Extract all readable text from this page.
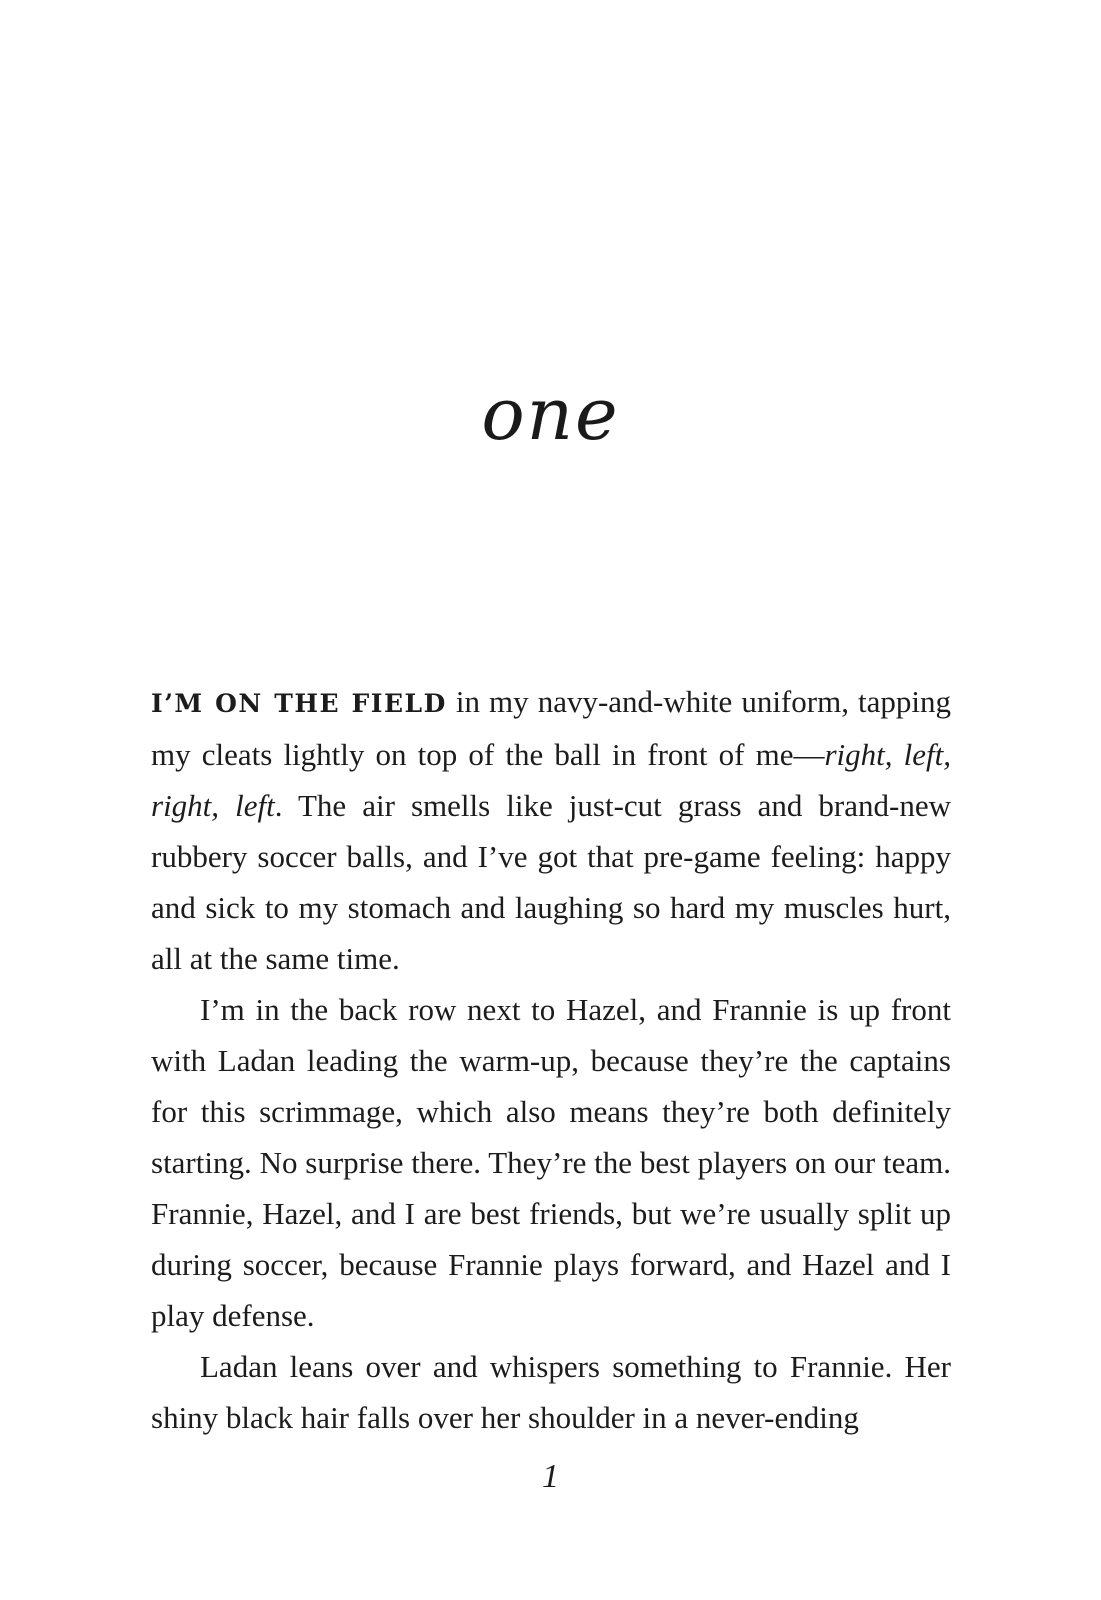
one

I’M ON THE FIELD in my navy-and-white uniform, tapping my cleats lightly on top of the ball in front of me—right, left, right, left. The air smells like just-cut grass and brand-new rubbery soccer balls, and I’ve got that pre-game feeling: happy and sick to my stomach and laughing so hard my muscles hurt, all at the same time.

I’m in the back row next to Hazel, and Frannie is up front with Ladan leading the warm-up, because they’re the captains for this scrimmage, which also means they’re both definitely starting. No surprise there. They’re the best players on our team. Frannie, Hazel, and I are best friends, but we’re usually split up during soccer, because Frannie plays forward, and Hazel and I play defense.

Ladan leans over and whispers something to Frannie. Her shiny black hair falls over her shoulder in a never-ending

1
